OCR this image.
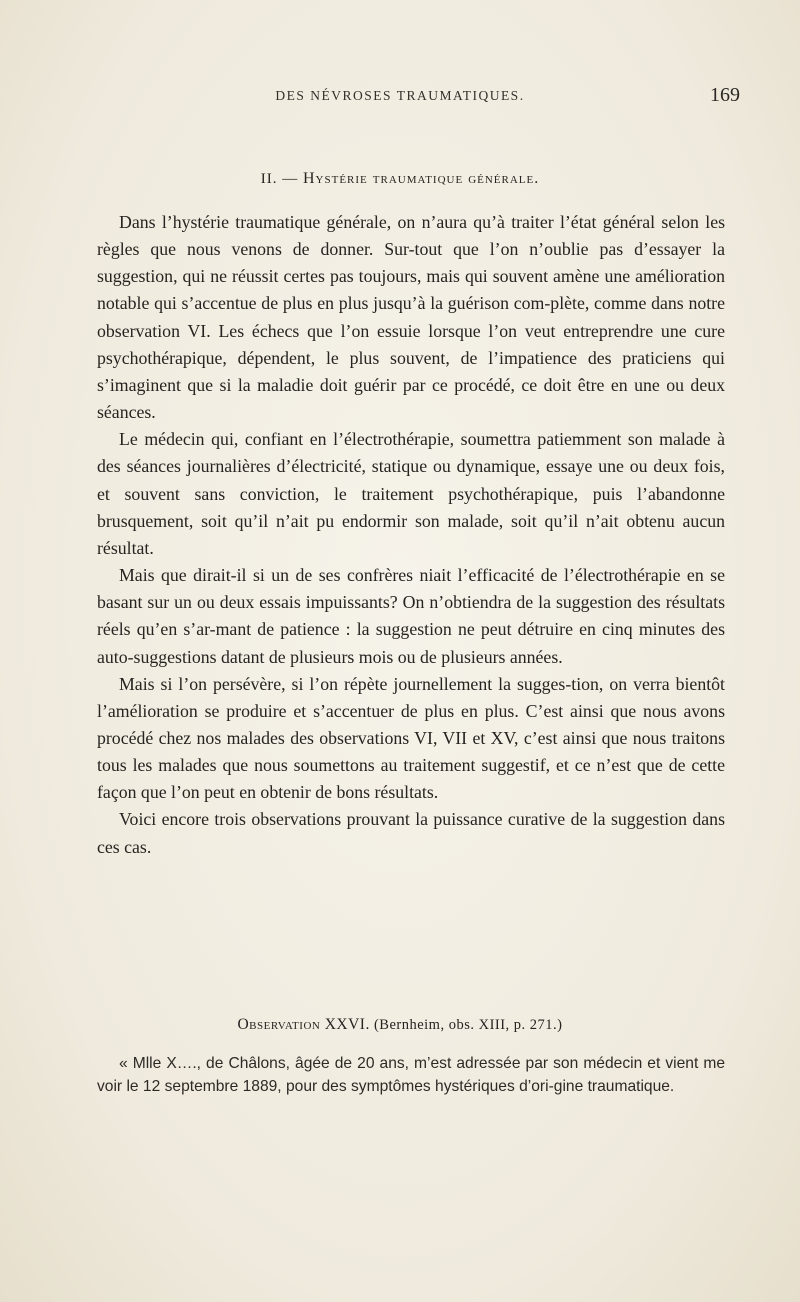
DES NÉVROSES TRAUMATIQUES.	169
II. — Hystérie traumatique générale.

Dans l’hystérie traumatique générale, on n’aura qu’à traiter l’état général selon les règles que nous venons de donner. Sur-tout que l’on n’oublie pas d’essayer la suggestion, qui ne réussit certes pas toujours, mais qui souvent amène une amélioration notable qui s’accentue de plus en plus jusqu’à la guérison com-plète, comme dans notre observation VI. Les échecs que l’on essuie lorsque l’on veut entreprendre une cure psychothérapique, dépendent, le plus souvent, de l’impatience des praticiens qui s’imaginent que si la maladie doit guérir par ce procédé, ce doit être en une ou deux séances.

Le médecin qui, confiant en l’électrothérapie, soumettra patiemment son malade à des séances journalières d’électricité, statique ou dynamique, essaye une ou deux fois, et souvent sans conviction, le traitement psychothérapique, puis l’abandonne brusquement, soit qu’il n’ait pu endormir son malade, soit qu’il n’ait obtenu aucun résultat.

Mais que dirait-il si un de ses confrères niait l’efficacité de l’électrothérapie en se basant sur un ou deux essais impuissants? On n’obtiendra de la suggestion des résultats réels qu’en s’ar-mant de patience : la suggestion ne peut détruire en cinq minutes des auto-suggestions datant de plusieurs mois ou de plusieurs années.

Mais si l’on persévère, si l’on répète journellement la sugges-tion, on verra bientôt l’amélioration se produire et s’accentuer de plus en plus. C’est ainsi que nous avons procédé chez nos malades des observations VI, VII et XV, c’est ainsi que nous traitons tous les malades que nous soumettons au traitement suggestif, et ce n’est que de cette façon que l’on peut en obtenir de bons résultats.

Voici encore trois observations prouvant la puissance curative de la suggestion dans ces cas.

Observation XXVI. (Bernheim, obs. XIII, p. 271.)

« Mlle X…., de Châlons, âgée de 20 ans, m’est adressée par son médecin et vient me voir le 12 septembre 1889, pour des symptômes hystériques d’ori-gine traumatique.
